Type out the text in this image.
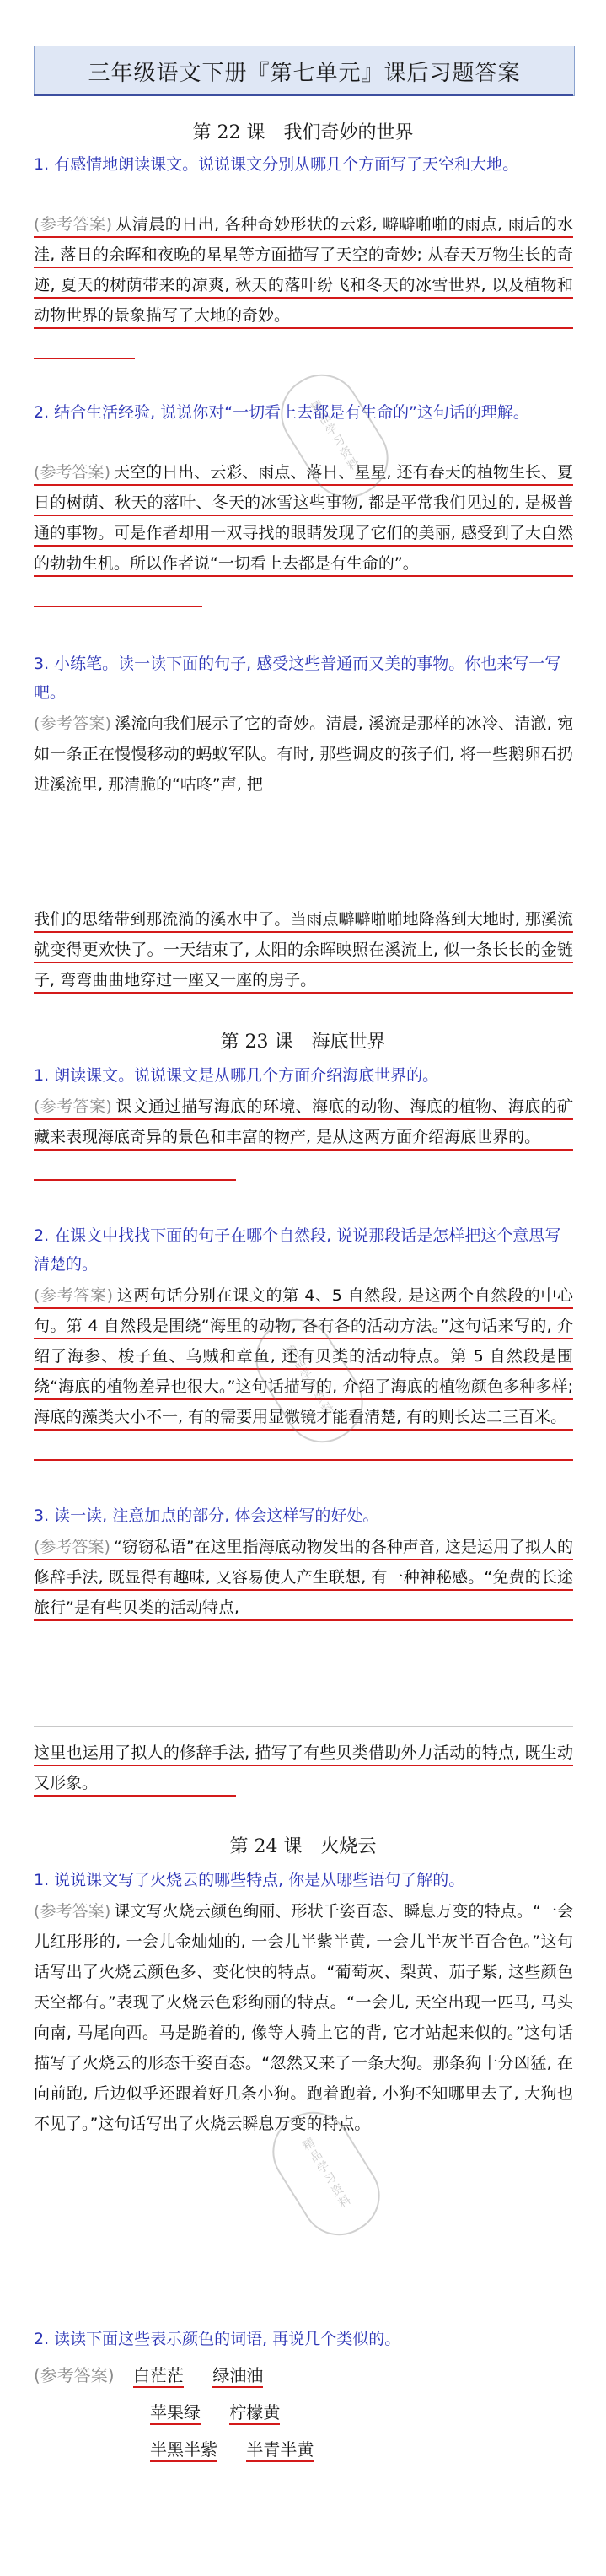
三年级语文下册『第七单元』课后习题答案
第 22 课　我们奇妙的世界
1. 有感情地朗读课文。说说课文分别从哪几个方面写了天空和大地。
(参考答案) 从清晨的日出, 各种奇妙形状的云彩, 噼噼啪啪的雨点, 雨后的水洼, 落日的余晖和夜晚的星星等方面描写了天空的奇妙; 从春天万物生长的奇迹, 夏天的树荫带来的凉爽, 秋天的落叶纷飞和冬天的冰雪世界, 以及植物和动物世界的景象描写了大地的奇妙。
2. 结合生活经验, 说说你对“一切看上去都是有生命的”这句话的理解。
(参考答案) 天空的日出、云彩、雨点、落日、星星, 还有春天的植物生长、夏日的树荫、秋天的落叶、冬天的冰雪这些事物, 都是平常我们见过的, 是极普通的事物。可是作者却用一双寻找的眼睛发现了它们的美丽, 感受到了大自然的勃勃生机。所以作者说“一切看上去都是有生命的”。
3. 小练笔。读一读下面的句子, 感受这些普通而又美的事物。你也来写一写吧。
(参考答案) 溪流向我们展示了它的奇妙。清晨, 溪流是那样的冰冷、清澈, 宛如一条正在慢慢移动的蚂蚁军队。有时, 那些调皮的孩子们, 将一些鹅卵石扔进溪流里, 那清脆的“咕咚”声, 把
我们的思绪带到那流淌的溪水中了。当雨点噼噼啪啪地降落到大地时, 那溪流就变得更欢快了。一天结束了, 太阳的余晖映照在溪流上, 似一条长长的金链子, 弯弯曲曲地穿过一座又一座的房子。
第 23 课　海底世界
1. 朗读课文。说说课文是从哪几个方面介绍海底世界的。
(参考答案) 课文通过描写海底的环境、海底的动物、海底的植物、海底的矿藏来表现海底奇异的景色和丰富的物产, 是从这两方面介绍海底世界的。
2. 在课文中找找下面的句子在哪个自然段, 说说那段话是怎样把这个意思写清楚的。
(参考答案) 这两句话分别在课文的第 4、5 自然段, 是这两个自然段的中心句。第 4 自然段是围绕“海里的动物, 各有各的活动方法。”这句话来写的, 介绍了海参、梭子鱼、乌贼和章鱼, 还有贝类的活动特点。第 5 自然段是围绕“海底的植物差异也很大。”这句话描写的, 介绍了海底的植物颜色多种多样; 海底的藻类大小不一, 有的需要用显微镜才能看清楚, 有的则长达二三百米。
3. 读一读, 注意加点的部分, 体会这样写的好处。
(参考答案) “窃窃私语”在这里指海底动物发出的各种声音, 这是运用了拟人的修辞手法, 既显得有趣味, 又容易使人产生联想, 有一种神秘感。“免费的长途旅行”是有些贝类的活动特点,
这里也运用了拟人的修辞手法, 描写了有些贝类借助外力活动的特点, 既生动又形象。
第 24 课　火烧云
1. 说说课文写了火烧云的哪些特点, 你是从哪些语句了解的。
(参考答案) 课文写火烧云颜色绚丽、形状千姿百态、瞬息万变的特点。“一会儿红彤彤的, 一会儿金灿灿的, 一会儿半紫半黄, 一会儿半灰半百合色。”这句话写出了火烧云颜色多、变化快的特点。“葡萄灰、梨黄、茄子紫, 这些颜色天空都有。”表现了火烧云色彩绚丽的特点。“一会儿, 天空出现一匹马, 马头向南, 马尾向西。马是跪着的, 像等人骑上它的背, 它才站起来似的。”这句话描写了火烧云的形态千姿百态。“忽然又来了一条大狗。那条狗十分凶猛, 在向前跑, 后边似乎还跟着好几条小狗。跑着跑着, 小狗不知哪里去了, 大狗也不见了。”这句话写出了火烧云瞬息万变的特点。
2. 读读下面这些表示颜色的词语, 再说几个类似的。
(参考答案) 白茫茫 绿油油
苹果绿 柠檬黄
半黑半紫 半青半黄
精品学习资料
精品学习资料
精品学习资料
